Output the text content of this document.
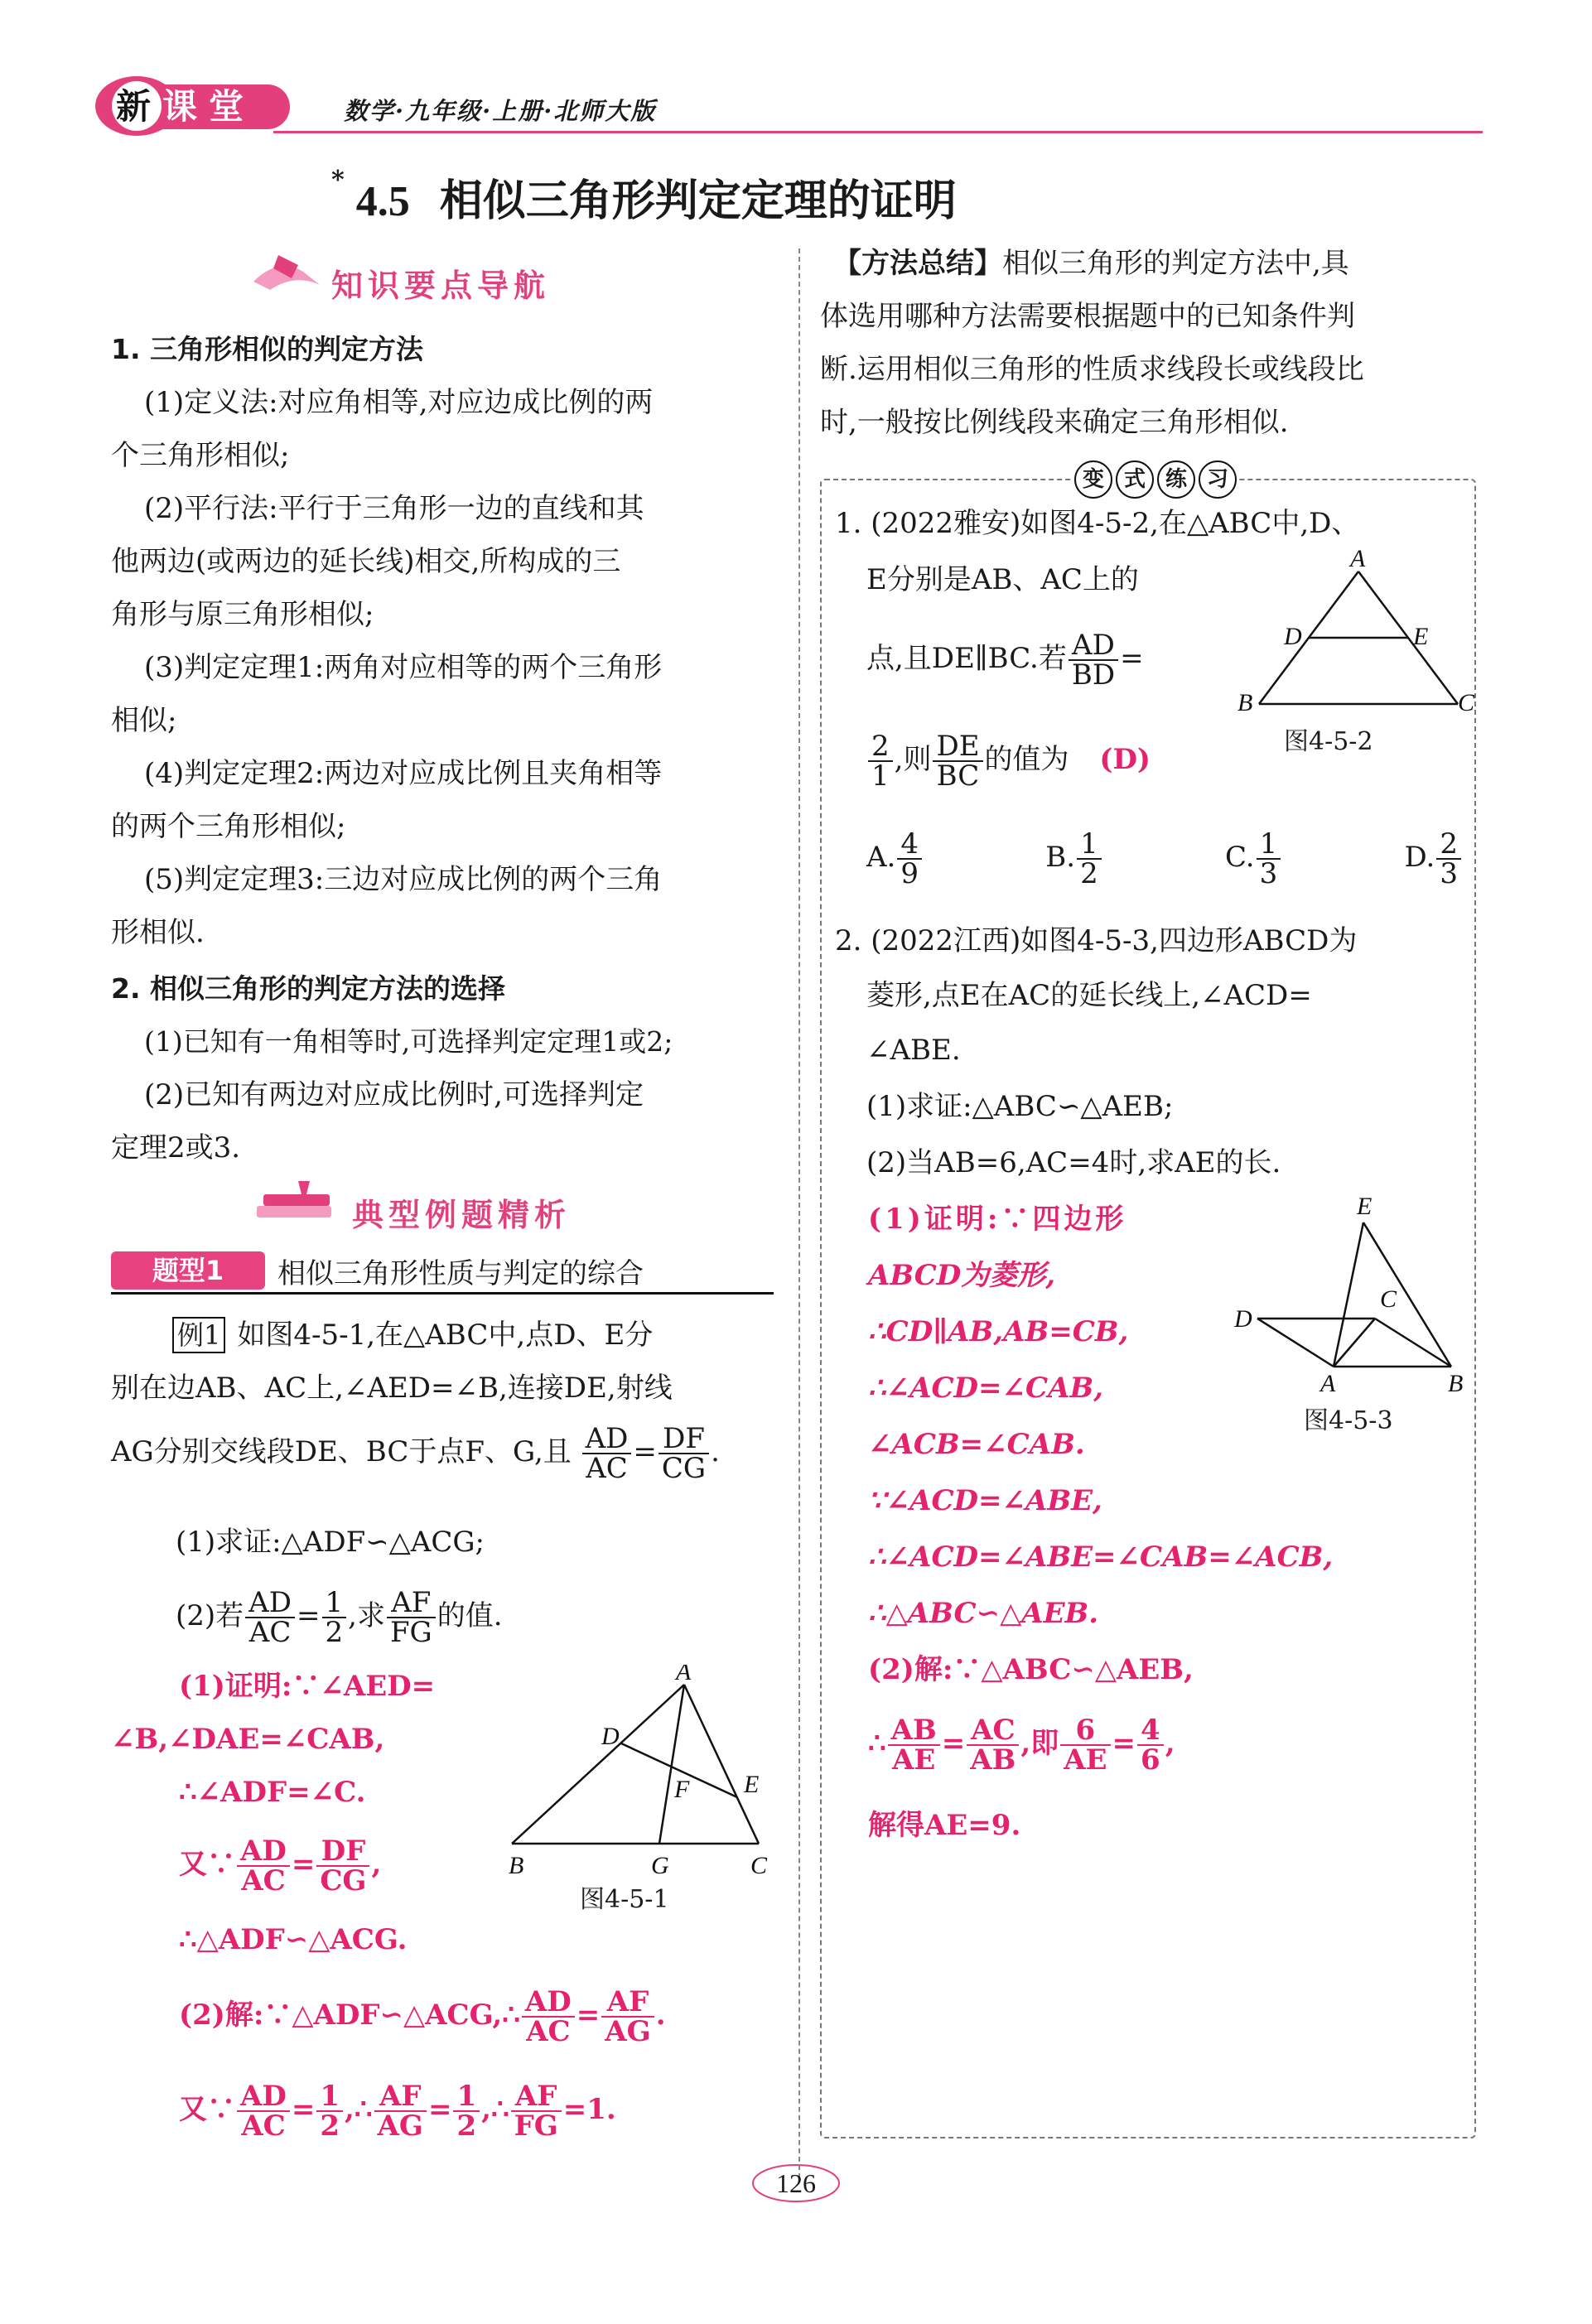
新课堂	数学·九年级·上册·北师大版
* 4.5 相似三角形判定定理的证明
知识要点导航
1. 三角形相似的判定方法
(1)定义法:对应角相等,对应边成比例的两
个三角形相似;
(2)平行法:平行于三角形一边的直线和其
他两边(或两边的延长线)相交,所构成的三
角形与原三角形相似;
(3)判定定理1:两角对应相等的两个三角形
相似;
(4)判定定理2:两边对应成比例且夹角相等
的两个三角形相似;
(5)判定定理3:三边对应成比例的两个三角
形相似.
2. 相似三角形的判定方法的选择
(1)已知有一角相等时,可选择判定定理1或2;
(2)已知有两边对应成比例时,可选择判定
定理2或3.
典型例题精析
题型1	相似三角形性质与判定的综合
例1 如图4-5-1,在△ABC中,点D、E分
别在边AB、AC上,∠AED=∠B,连接DE,射线
AG分别交线段DE、BC于点F、G,且 $\frac{AD}{AC} = \frac{DF}{CG}$ .
(1)求证:△ADF∽△ACG;
(2)若 $\frac{AD}{AC} = \frac{1}{2}$ ,求 $\frac{AF}{FG}$ 的值.
(1)证明:∵∠AED=
∠B,∠DAE=∠CAB,
∴∠ADF=∠C.
又∵ $\frac{AD}{AC} = \frac{DF}{CG}$ ,
∴△ADF∽△ACG.
(2)解:∵△ADF∽△ACG,∴ $\frac{AD}{AC} = \frac{AF}{AG}$ .
又∵ $\frac{AD}{AC} = \frac{1}{2}$ ,∴ $\frac{AF}{AG} = \frac{1}{2}$ ,∴ $\frac{AF}{FG} =1$.
A
D
E
F
B	G	C
图4-5-1
【方法总结】相似三角形的判定方法中,具
体选用哪种方法需要根据题中的已知条件判
断.运用相似三角形的性质求线段长或线段比
时,一般按比例线段来确定三角形相似.
变 式 练 习
1. (2022雅安)如图4-5-2,在△ABC中,D、
E分别是AB、AC上的
点,且DE∥BC.若 $\frac{AD}{BD}$ =
$\frac{2}{1}$ ,则 $\frac{DE}{BC}$ 的值为 (D)
A. $\frac{4}{9}$	B. $\frac{1}{2}$	C. $\frac{1}{3}$	D. $\frac{2}{3}$
A
D	E
B	C
图4-5-2
2. (2022江西)如图4-5-3,四边形ABCD为
菱形,点E在AC的延长线上,∠ACD=
∠ABE.
(1)求证:△ABC∽△AEB;
(2)当AB=6,AC=4时,求AE的长.
(1)证明:∵四边形
ABCD为菱形,
∴CD∥AB,AB=CB,
∴∠ACD=∠CAB,
∠ACB=∠CAB.
∵∠ACD=∠ABE,
∴∠ACD=∠ABE=∠CAB=∠ACB,
∴△ABC∽△AEB.
(2)解:∵△ABC∽△AEB,
∴ $\frac{AB}{AE} = \frac{AC}{AB}$ ,即 $\frac{6}{AE} = \frac{4}{6}$ ,
解得AE=9.
E
D
C
A	B
图4-5-3
126
